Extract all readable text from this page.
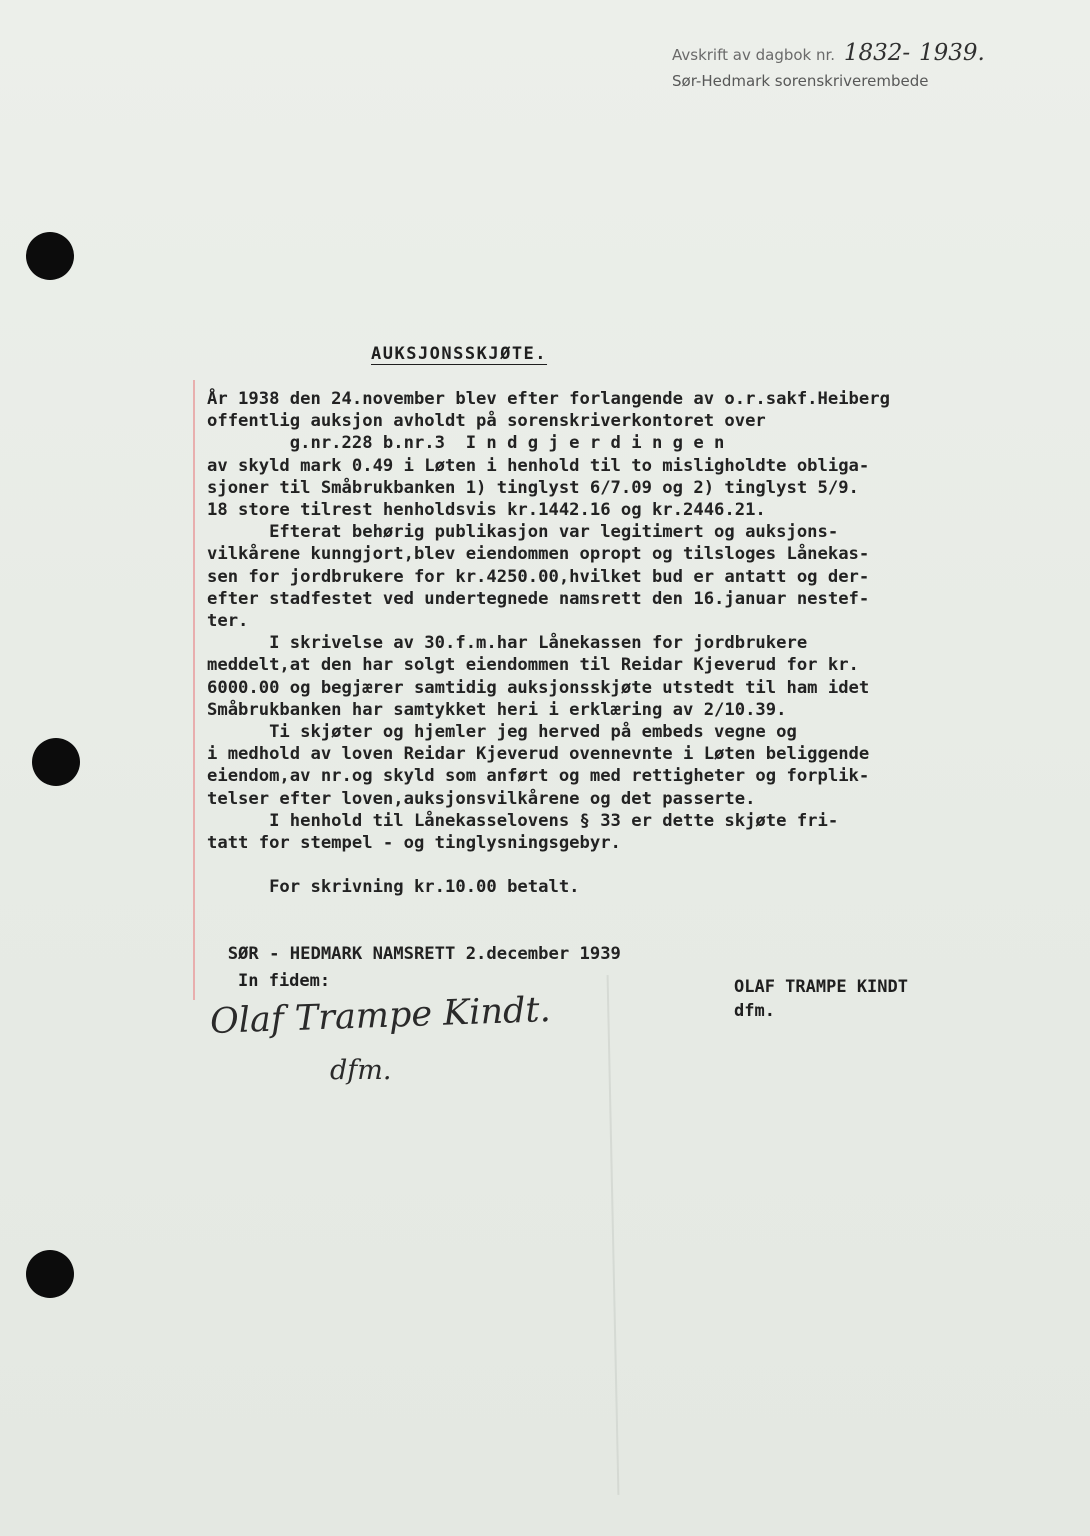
Avskrift av dagbok nr. 1832- 1939.
Sør-Hedmark sorenskriverembede
AUKSJONSSKJØTE.
År 1938 den 24.november blev efter forlangende av o.r.sakf.Heiberg
offentlig auksjon avholdt på sorenskriverkontoret over
g.nr.228 b.nr.3  I n d g j e r d i n g e n
av skyld mark 0.49 i Løten i henhold til to misligholdte obliga-
sjoner til Småbrukbanken 1) tinglyst 6/7.09 og 2) tinglyst 5/9.
18 store tilrest henholdsvis kr.1442.16 og kr.2446.21.
Efterat behørig publikasjon var legitimert og auksjons-
vilkårene kunngjort,blev eiendommen opropt og tilsloges Lånekas-
sen for jordbrukere for kr.4250.00,hvilket bud er antatt og der-
efter stadfestet ved undertegnede namsrett den 16.januar nestef-
ter.
I skrivelse av 30.f.m.har Lånekassen for jordbrukere
meddelt,at den har solgt eiendommen til Reidar Kjeverud for kr.
6000.00 og begjærer samtidig auksjonsskjøte utstedt til ham idet
Småbrukbanken har samtykket heri i erklæring av 2/10.39.
Ti skjøter og hjemler jeg herved på embeds vegne og
i medhold av loven Reidar Kjeverud ovennevnte i Løten beliggende
eiendom,av nr.og skyld som anført og med rettigheter og forplik-
telser efter loven,auksjonsvilkårene og det passerte.
I henhold til Lånekasselovens § 33 er dette skjøte fri-
tatt for stempel - og tinglysningsgebyr.
For skrivning kr.10.00 betalt.
SØR - HEDMARK NAMSRETT 2.december 1939
In fidem:
Olaf Trampe Kindt.
dfm.
OLAF TRAMPE KINDT
dfm.
